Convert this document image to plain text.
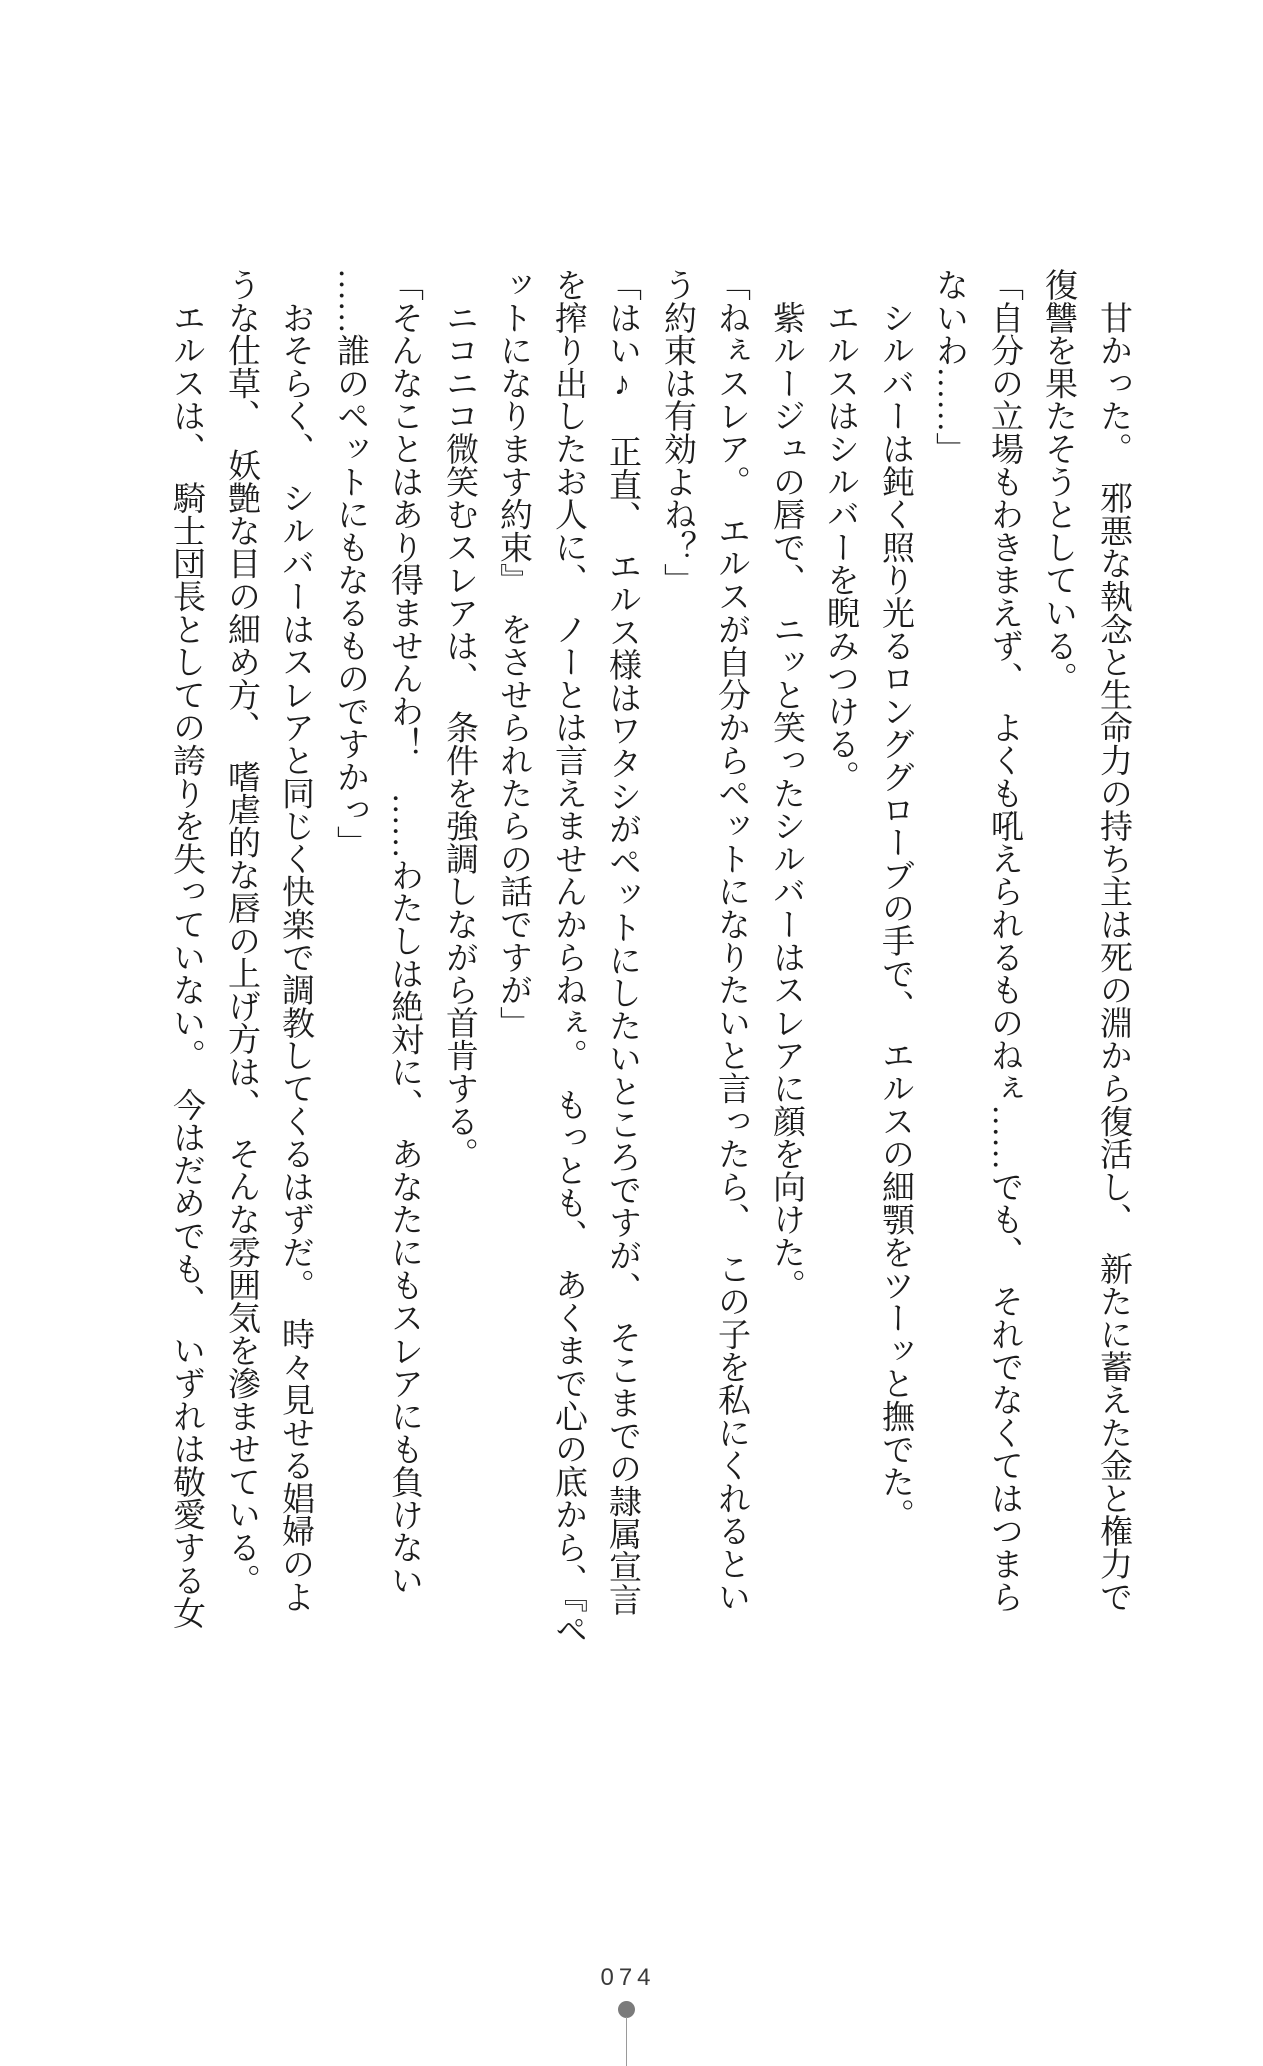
　甘かった。　邪悪な執念と生命力の持ち主は死の淵から復活し、　新たに蓄えた金と権力で
復讐を果たそうとしている。
「自分の立場もわきまえず、　よくも吼えられるものねぇ……でも、　それでなくてはつまら
ないわ……」
　シルバーは鈍く照り光るロンググローブの手で、　エルスの細顎をツーッと撫でた。
　エルスはシルバーを睨みつける。
　紫ルージュの唇で、　ニッと笑ったシルバーはスレアに顔を向けた。
「ねぇスレア。　エルスが自分からペットになりたいと言ったら、　この子を私にくれるとい
う約束は有効よね？」
「はい♪　正直、　エルス様はワタシがペットにしたいところですが、　そこまでの隷属宣言
を搾り出したお人に、　ノーとは言えませんからねぇ。　もっとも、　あくまで心の底から、『ペ
ットになります約束』　をさせられたらの話ですが」
　ニコニコ微笑むスレアは、　条件を強調しながら首肯する。
「そんなことはあり得ませんわ！　……わたしは絶対に、　あなたにもスレアにも負けない
……誰のペットにもなるものですかっ」
　おそらく、　シルバーはスレアと同じく快楽で調教してくるはずだ。　時々見せる娼婦のよ
うな仕草、　妖艶な目の細め方、　嗜虐的な唇の上げ方は、　そんな雰囲気を滲ませている。
　エルスは、　騎士団長としての誇りを失っていない。　今はだめでも、　いずれは敬愛する女
074
